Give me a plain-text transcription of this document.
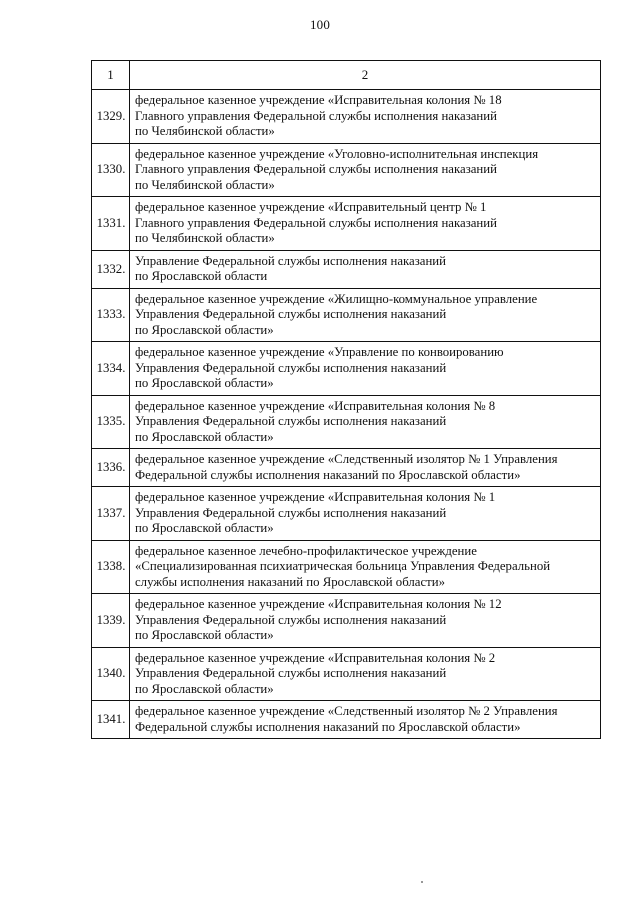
100
1	2
1329.	федеральное казенное учреждение «Исправительная колония № 18
Главного управления Федеральной службы исполнения наказаний
по Челябинской области»

1330.	федеральное казенное учреждение «Уголовно-исполнительная инспекция
Главного управления Федеральной службы исполнения наказаний
по Челябинской области»

1331.	федеральное казенное учреждение «Исправительный центр № 1
Главного управления Федеральной службы исполнения наказаний
по Челябинской области»

1332.	Управление Федеральной службы исполнения наказаний
по Ярославской области

1333.	федеральное казенное учреждение «Жилищно-коммунальное управление
Управления Федеральной службы исполнения наказаний
по Ярославской области»

1334.	федеральное казенное учреждение «Управление по конвоированию
Управления Федеральной службы исполнения наказаний
по Ярославской области»

1335.	федеральное казенное учреждение «Исправительная колония № 8
Управления Федеральной службы исполнения наказаний
по Ярославской области»

1336.	федеральное казенное учреждение «Следственный изолятор № 1 Управления
Федеральной службы исполнения наказаний по Ярославской области»

1337.	федеральное казенное учреждение «Исправительная колония № 1
Управления Федеральной службы исполнения наказаний
по Ярославской области»

1338.	федеральное казенное лечебно-профилактическое учреждение
«Специализированная психиатрическая больница Управления Федеральной
службы исполнения наказаний по Ярославской области»

1339.	федеральное казенное учреждение «Исправительная колония № 12
Управления Федеральной службы исполнения наказаний
по Ярославской области»

1340.	федеральное казенное учреждение «Исправительная колония № 2
Управления Федеральной службы исполнения наказаний
по Ярославской области»

1341.	федеральное казенное учреждение «Следственный изолятор № 2 Управления
Федеральной службы исполнения наказаний по Ярославской области»
